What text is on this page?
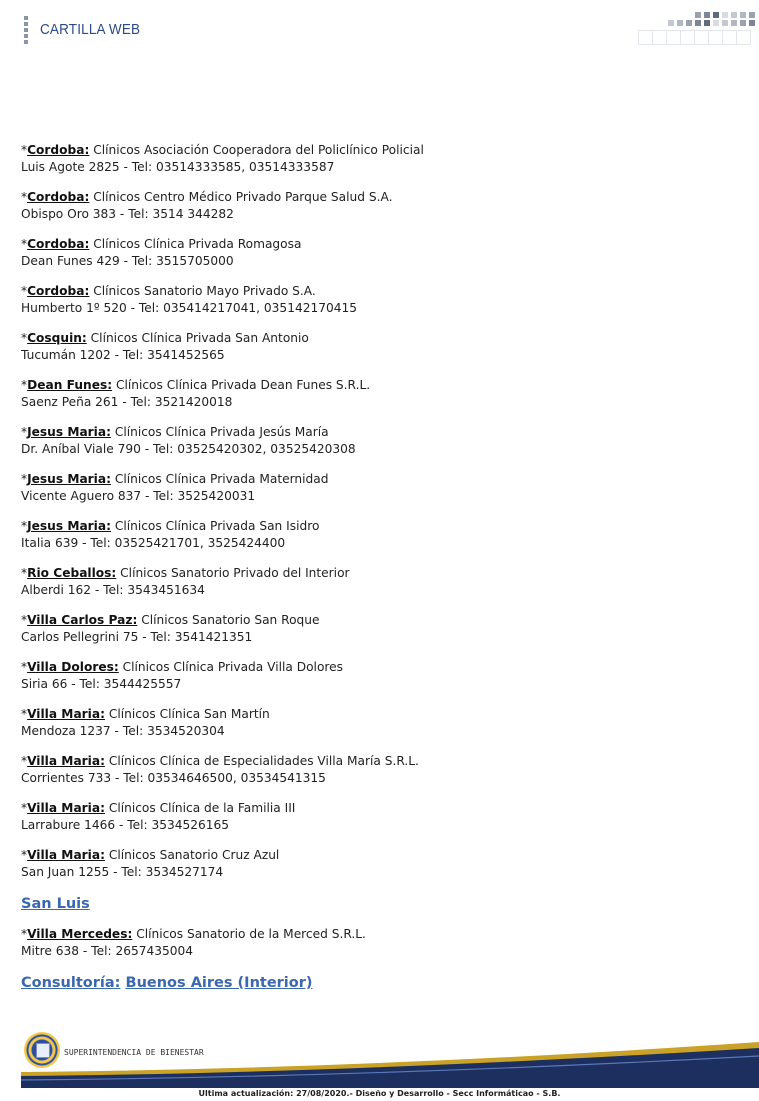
CARTILLA WEB
*Cordoba: Clínicos Asociación Cooperadora del Policlínico Policial
Luis Agote 2825 - Tel: 03514333585, 03514333587
*Cordoba: Clínicos Centro Médico Privado Parque Salud S.A.
Obispo Oro 383 - Tel: 3514 344282
*Cordoba: Clínicos Clínica Privada Romagosa
Dean Funes 429 - Tel: 3515705000
*Cordoba: Clínicos Sanatorio Mayo Privado S.A.
Humberto 1º 520 - Tel: 035414217041, 035142170415
*Cosquin: Clínicos Clínica Privada San Antonio
Tucumán 1202 - Tel: 3541452565
*Dean Funes: Clínicos Clínica Privada Dean Funes S.R.L.
Saenz Peña 261 - Tel: 3521420018
*Jesus Maria: Clínicos Clínica Privada Jesús María
Dr. Aníbal Viale 790 - Tel: 03525420302, 03525420308
*Jesus Maria: Clínicos Clínica Privada Maternidad
Vicente Aguero 837 - Tel: 3525420031
*Jesus Maria: Clínicos Clínica Privada San Isidro
Italia 639 - Tel: 03525421701, 3525424400
*Rio Ceballos: Clínicos Sanatorio Privado del Interior
Alberdi 162 - Tel: 3543451634
*Villa Carlos Paz: Clínicos Sanatorio San Roque
Carlos Pellegrini 75 - Tel: 3541421351
*Villa Dolores: Clínicos Clínica Privada Villa Dolores
Siria 66 - Tel: 3544425557
*Villa Maria: Clínicos Clínica San Martín
Mendoza 1237 - Tel: 3534520304
*Villa Maria: Clínicos Clínica de Especialidades Villa María S.R.L.
Corrientes 733 - Tel: 03534646500, 03534541315
*Villa Maria: Clínicos Clínica de la Familia III
Larrabure 1466 - Tel: 3534526165
*Villa Maria: Clínicos Sanatorio Cruz Azul
San Juan 1255 - Tel: 3534527174
San Luis
*Villa Mercedes: Clínicos Sanatorio de la Merced S.R.L.
Mitre 638 - Tel: 2657435004
Consultoría: Buenos Aires (Interior)
SUPERINTENDENCIA DE BIENESTAR
Ultima actualización: 27/08/2020.- Diseño y Desarrollo - Secc Informáticao - S.B.
